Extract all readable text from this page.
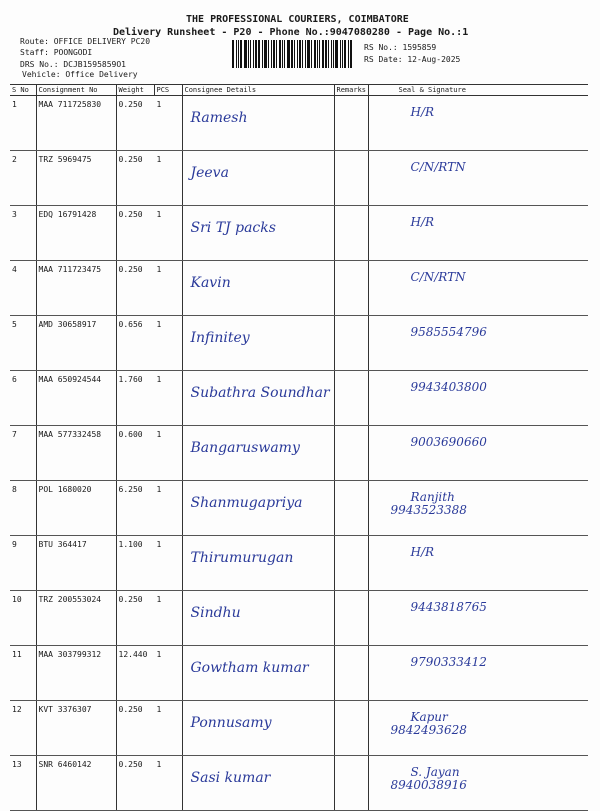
THE PROFESSIONAL COURIERS, COIMBATORE
Delivery Runsheet - P20 - Phone No.:9047080280 - Page No.:1
Route: OFFICE DELIVERY PC20
Staff: POONGODI
DRS No.: DCJB1595859O1
Vehicle: Office Delivery
RS No.: 1595859
RS Date: 12-Aug-2025
S No	Consignment No	Weight	PCS	Consignee Details	Remarks	Seal & Signature
1	MAA 711725830	0.250 1		Ramesh		H/R

2	TRZ 5969475	0.250 1		Jeeva		C/N/RTN

3	EDQ 16791428	0.250 1		Sri TJ packs		H/R

4	MAA 711723475	0.250 1		Kavin		C/N/RTN

5	AMD 30658917	0.656 1		Infinitey		9585554796

6	MAA 650924544	1.760 1		Subathra Soundhar		9943403800

7	MAA 577332458	0.600 1		Bangaruswamy		9003690660

8	POL 1680020	6.250 1		Shanmugapriya		Ranjith
9943523388

9	BTU 364417	1.100 1		Thirumurugan		H/R

10	TRZ 200553024	0.250 1		Sindhu		9443818765

11	MAA 303799312	12.440 1		Gowtham kumar		9790333412

12	KVT 3376307	0.250 1		Ponnusamy		Kapur
9842493628

13	SNR 6460142	0.250 1		Sasi kumar		S. Jayan
8940038916
